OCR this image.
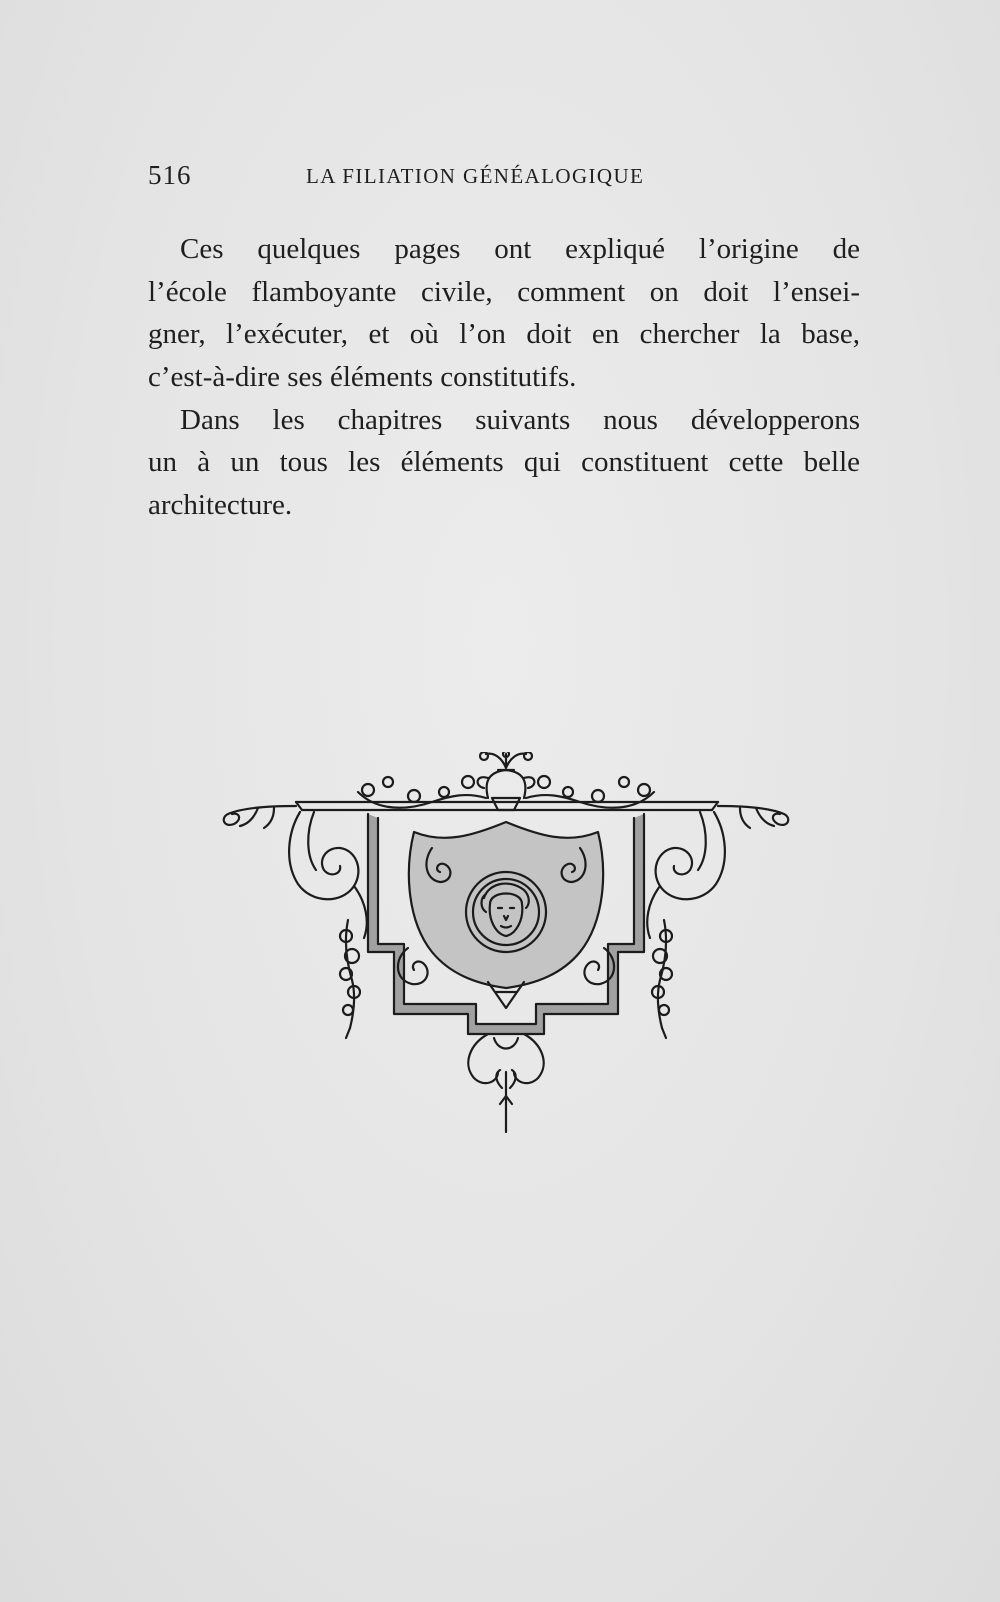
516	LA FILIATION GÉNÉALOGIQUE
Ces quelques pages ont expliqué l’origine de
l’école flamboyante civile, comment on doit l’ensei-
gner, l’exécuter, et où l’on doit en chercher la base,
c’est-à-dire ses éléments constitutifs.
Dans les chapitres suivants nous développerons
un à un tous les éléments qui constituent cette belle
architecture.
